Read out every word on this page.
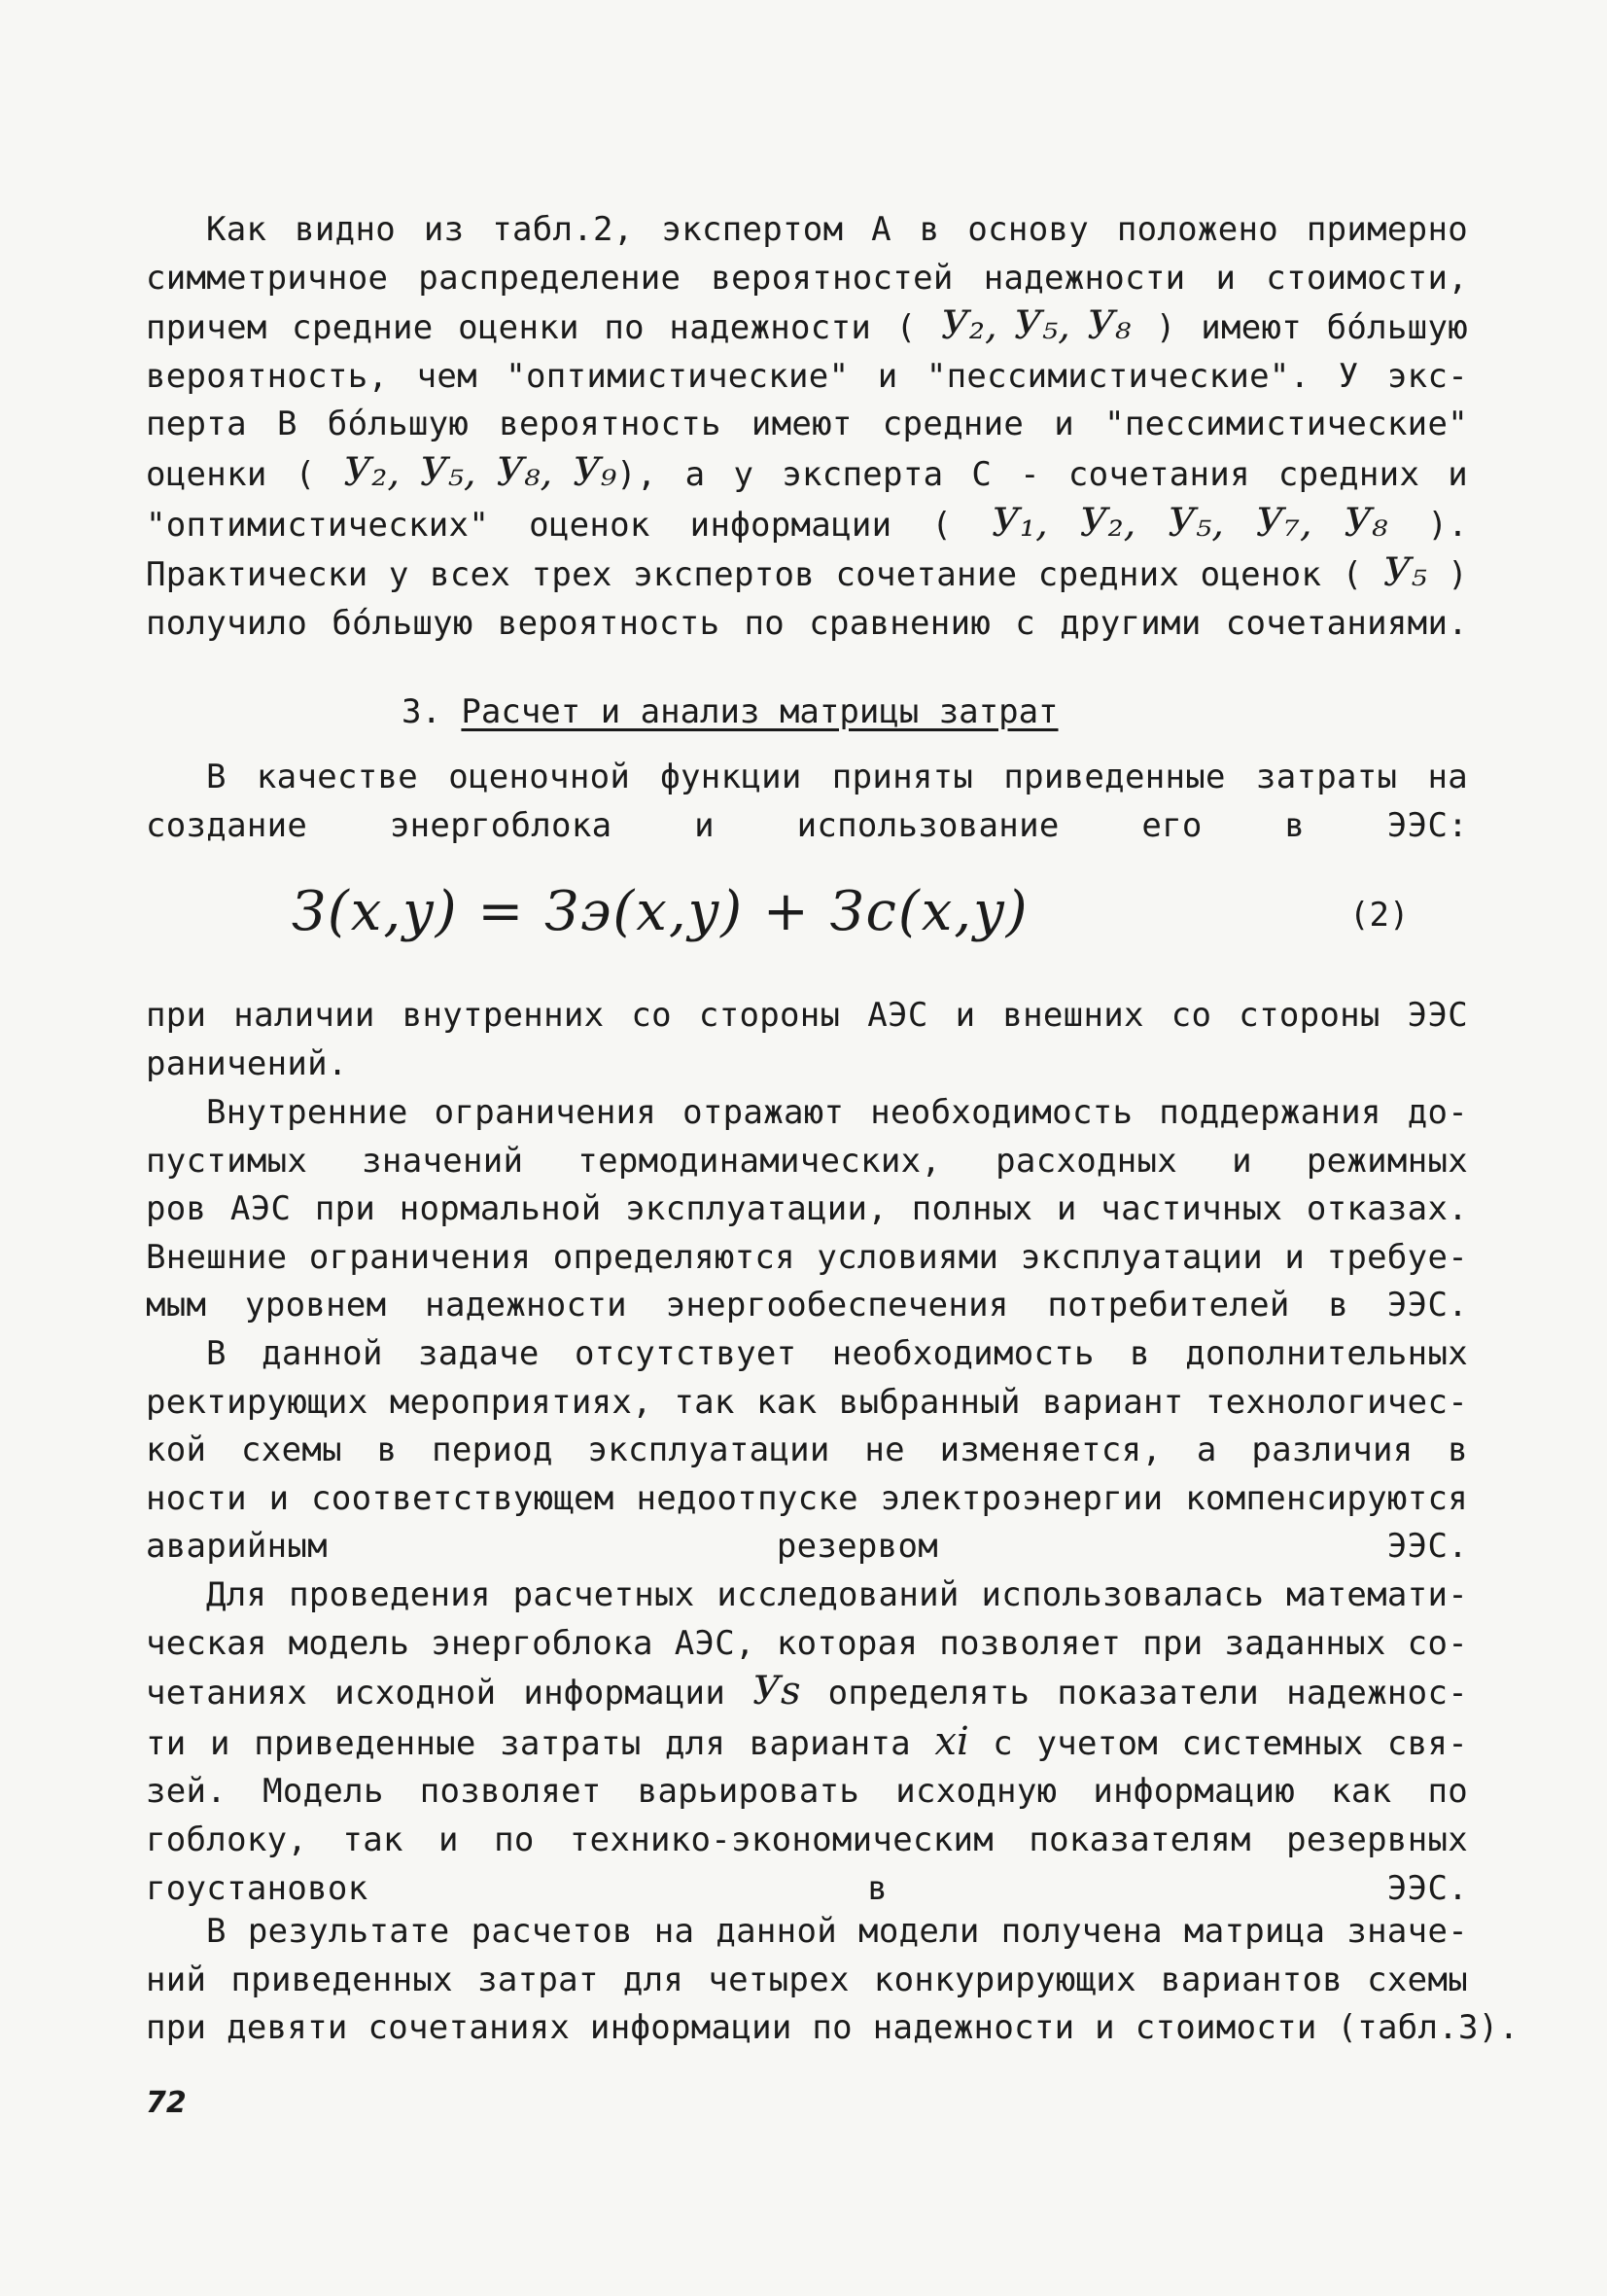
Как видно из табл.2, экспертом А в основу положено примерно
симметричное распределение вероятностей надежности и стоимости,
причем средние оценки по надежности ( У₂, У₅, У₈ ) имеют бо́льшую
вероятность, чем "оптимистические" и "пессимистические". У экс-
перта В бо́льшую вероятность имеют средние и "пессимистические"
оценки ( У₂, У₅, У₈, У₉), а у эксперта С - сочетания средних и
"оптимистических" оценок информации ( У₁, У₂, У₅, У₇, У₈ ).
Практически у всех трех экспертов сочетание средних оценок ( У₅ )
получило бо́льшую вероятность по сравнению с другими сочетаниями.
3. Расчет и анализ матрицы затрат
В качестве оценочной функции приняты приведенные затраты на
создание энергоблока и использование его в ЭЭС:
З(x,y) = Зэ(x,y) + Зс(x,y)	(2)
при наличии внутренних со стороны АЭС и внешних со стороны ЭЭС
раничений.
Внутренние ограничения отражают необходимость поддержания до-
пустимых значений термодинамических, расходных и режимных
ров АЭС при нормальной эксплуатации, полных и частичных отказах.
Внешние ограничения определяются условиями эксплуатации и требуе-
мым уровнем надежности энергообеспечения потребителей в ЭЭС.
В данной задаче отсутствует необходимость в дополнительных
ректирующих мероприятиях, так как выбранный вариант технологичес-
кой схемы в период эксплуатации не изменяется, а различия в
ности и соответствующем недоотпуске электроэнергии компенсируются
аварийным резервом ЭЭС.
Для проведения расчетных исследований использовалась математи-
ческая модель энергоблока АЭС, которая позволяет при заданных со-
четаниях исходной информации Уs определять показатели надежнос-
ти и приведенные затраты для варианта xi с учетом системных свя-
зей. Модель позволяет варьировать исходную информацию как по
гоблоку, так и по технико-экономическим показателям резервных
гоустановок в ЭЭС.
В результате расчетов на данной модели получена матрица значе-
ний приведенных затрат для четырех конкурирующих вариантов схемы
при девяти сочетаниях информации по надежности и стоимости (табл.3).
72
